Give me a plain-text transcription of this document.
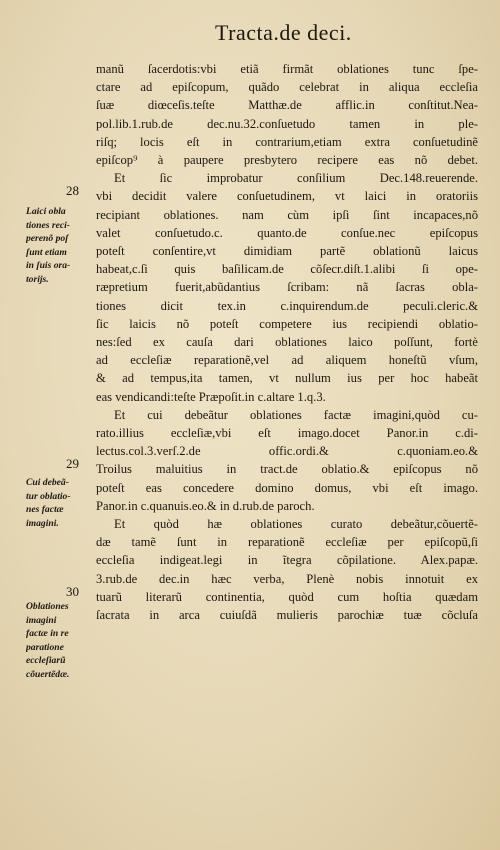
Tracta.de deci.
28
29
30
Laici obla
tiones reci-
perenõ poſ
ſunt etiam
in ſuis ora-
torijs.
Cui debeã-
tur oblatio-
nes factæ
imagini.
Oblationes
imagini
factæ in re
paratione
eccleſiarũ
cõuertẽdæ.
manũ ſacerdotis:vbi etiã firmãt oblationes tunc ſpe-
ctare ad epiſcopum, quãdo celebrat in aliqua eccleſia
ſuæ diœceſis.teſte Matthæ.de afflic.in conſtitut.Nea-
pol.lib.1.rub.de dec.nu.32.conſuetudo tamen in ple-
riſq; locis eſt in contrarium,etiam extra conſuetudinẽ
epiſcop⁹ à paupere presbytero recipere eas nõ debet.
Et ſic improbatur conſilium Dec.148.reuerende.
vbi decidit valere conſuetudinem, vt laici in oratoriis
recipiant oblationes. nam cùm ipſi ſint incapaces,nõ
valet conſuetudo.c. quanto.de conſue.nec epiſcopus
poteſt conſentire,vt dimidiam partẽ oblationũ laicus
habeat,c.ſi quis baſilicam.de cõſecr.diſt.1.alibi ſi ope-
ræpretium fuerit,abũdantius ſcribam: nã ſacras obla-
tiones dicit tex.in c.inquirendum.de peculi.cleric.&
ſic laicis nõ poteſt competere ius recipiendi oblatio-
nes:ſed ex cauſa dari oblationes laico poſſunt, fortè
ad eccleſiæ reparationẽ,vel ad aliquem honeſtũ vſum,
& ad tempus,ita tamen, vt nullum ius per hoc habeãt
eas vendicandi:teſte Præpoſit.in c.altare 1.q.3.
Et cui debeãtur oblationes factæ imagini,quòd cu-
rato.illius eccleſiæ,vbi eſt imago.docet Panor.in c.di-
lectus.col.3.verſ.2.de offic.ordi.& c.quoniam.eo.&
Troilus maluitius in tract.de oblatio.& epiſcopus nõ
poteſt eas concedere domino domus, vbi eſt imago.
Panor.in c.quanuis.eo.& in d.rub.de paroch.
Et quòd hæ oblationes curato debeãtur,cõuertẽ-
dæ tamẽ ſunt in reparationẽ eccleſiæ per epiſcopũ,ſi
eccleſia indigeat.legi in ĩtegra cõpilatione. Alex.papæ.
3.rub.de dec.in hæc verba, Plenè nobis innotuit ex
tuarũ literarũ continentia, quòd cum hoſtia quædam
ſacrata in arca cuiuſdã mulieris parochiæ tuæ cõcluſa
